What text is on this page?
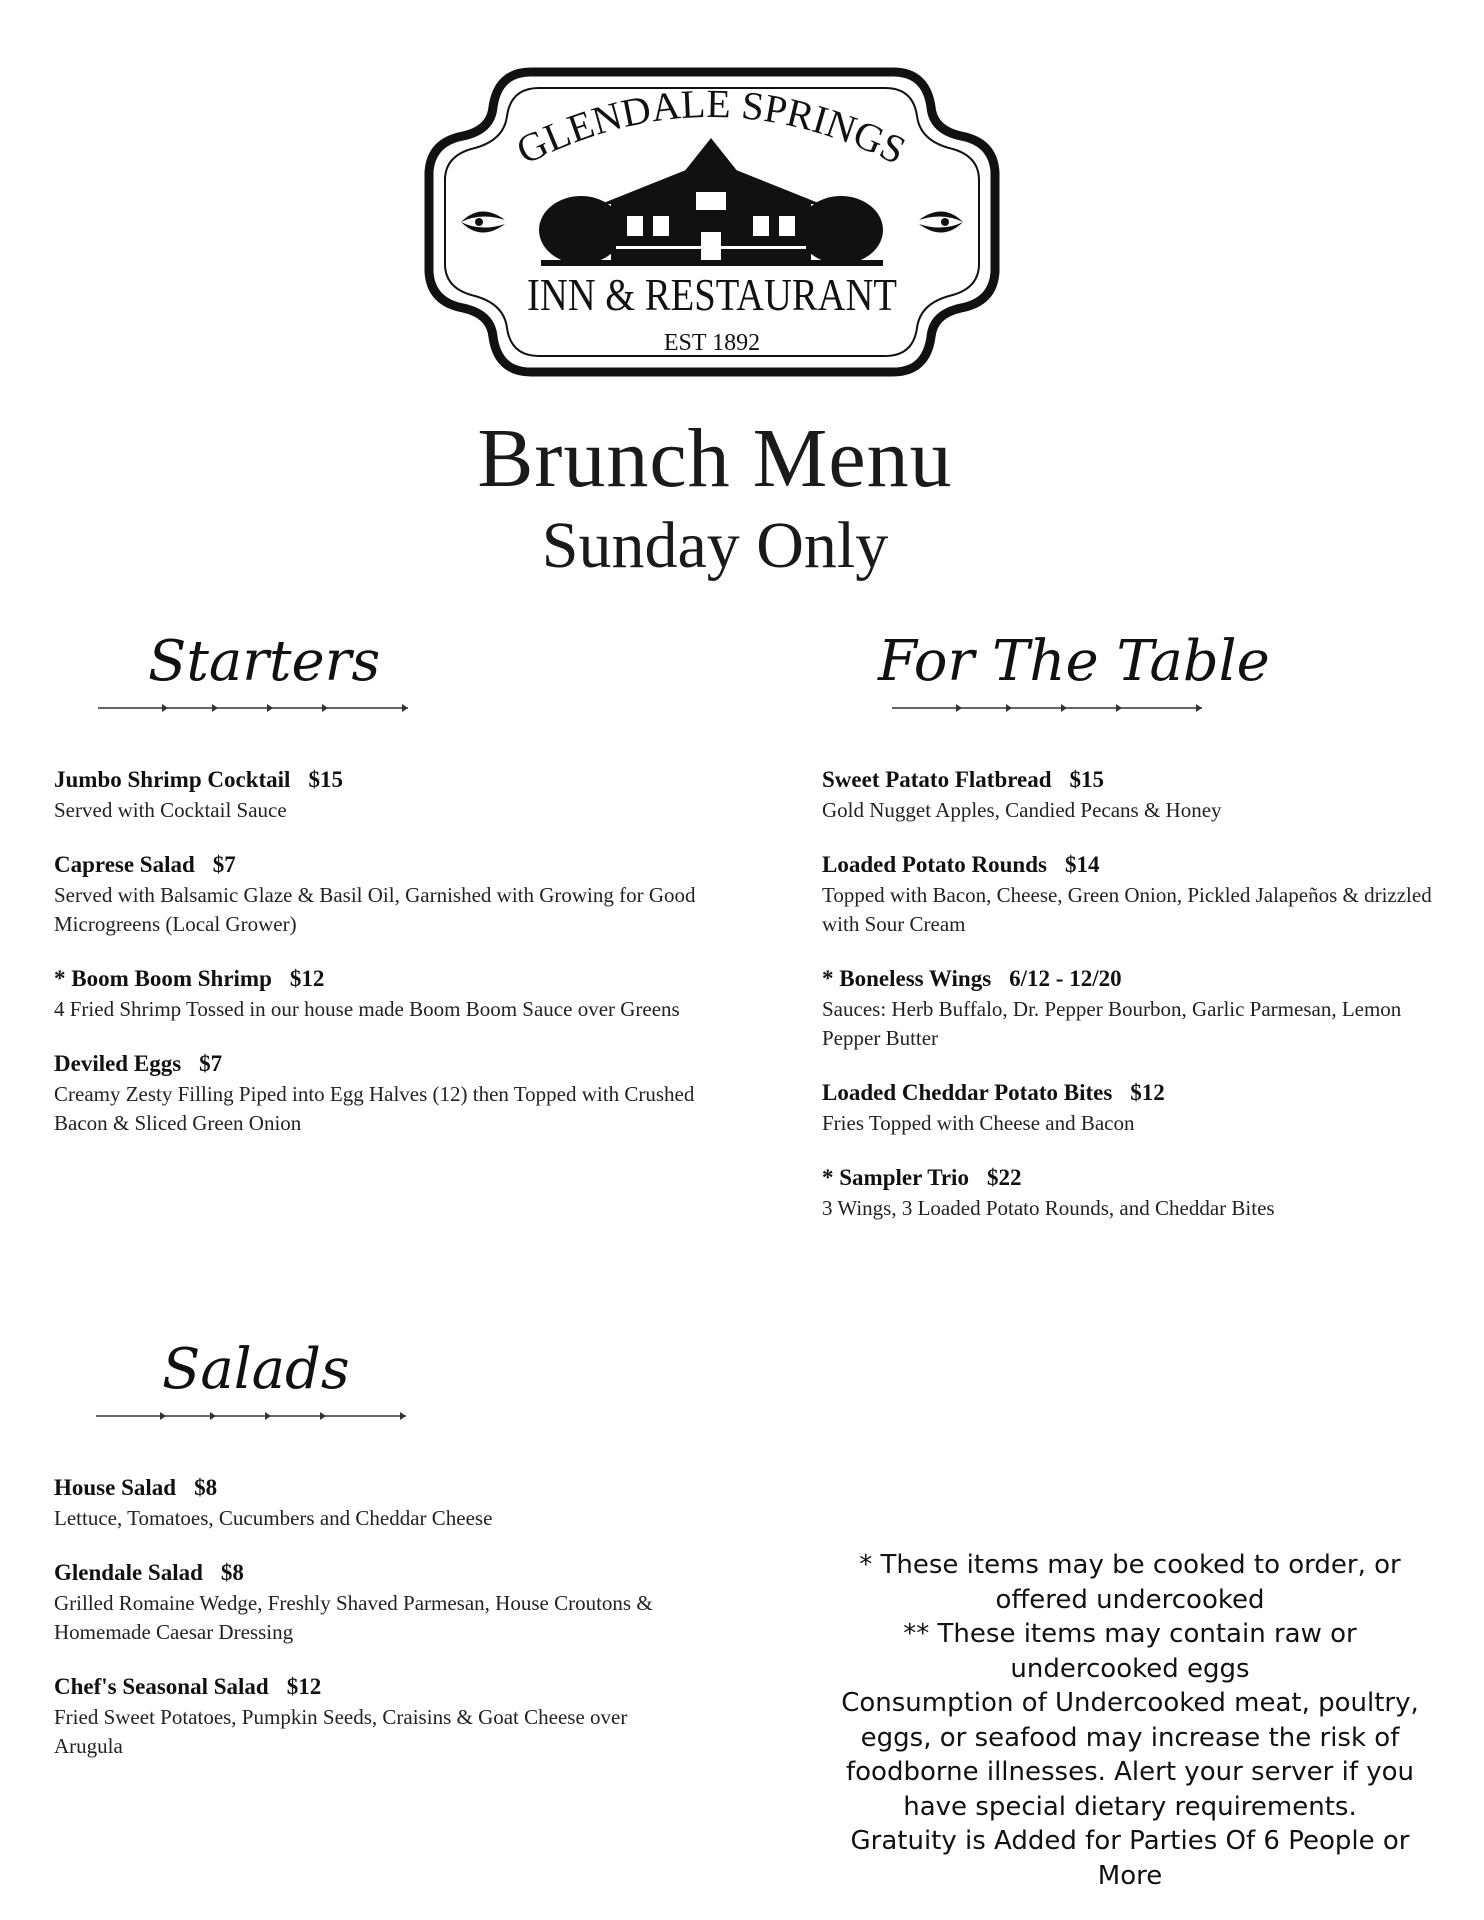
GLENDALE SPRINGS
INN & RESTAURANT
EST 1892
Brunch Menu
Sunday Only
Starters
Jumbo Shrimp Cocktail $15
Served with Cocktail Sauce
Caprese Salad $7
Served with Balsamic Glaze & Basil Oil, Garnished with Growing for Good Microgreens (Local Grower)
* Boom Boom Shrimp $12
4 Fried Shrimp Tossed in our house made Boom Boom Sauce over Greens
Deviled Eggs $7
Creamy Zesty Filling Piped into Egg Halves (12) then Topped with Crushed Bacon & Sliced Green Onion
For The Table
Sweet Patato Flatbread $15
Gold Nugget Apples, Candied Pecans & Honey
Loaded Potato Rounds $14
Topped with Bacon, Cheese, Green Onion, Pickled Jalapeños & drizzled with Sour Cream
* Boneless Wings 6/12 - 12/20
Sauces: Herb Buffalo, Dr. Pepper Bourbon, Garlic Parmesan, Lemon Pepper Butter
Loaded Cheddar Potato Bites $12
Fries Topped with Cheese and Bacon
* Sampler Trio $22
3 Wings, 3 Loaded Potato Rounds, and Cheddar Bites
Salads
House Salad $8
Lettuce, Tomatoes, Cucumbers and Cheddar Cheese
Glendale Salad $8
Grilled Romaine Wedge, Freshly Shaved Parmesan, House Croutons & Homemade Caesar Dressing
Chef's Seasonal Salad $12
Fried Sweet Potatoes, Pumpkin Seeds, Craisins & Goat Cheese over Arugula

* These items may be cooked to order, or offered undercooked

** These items may contain raw or undercooked eggs

Consumption of Undercooked meat, poultry, eggs, or seafood may increase the risk of foodborne illnesses. Alert your server if you have special dietary requirements.

Gratuity is Added for Parties Of 6 People or More
